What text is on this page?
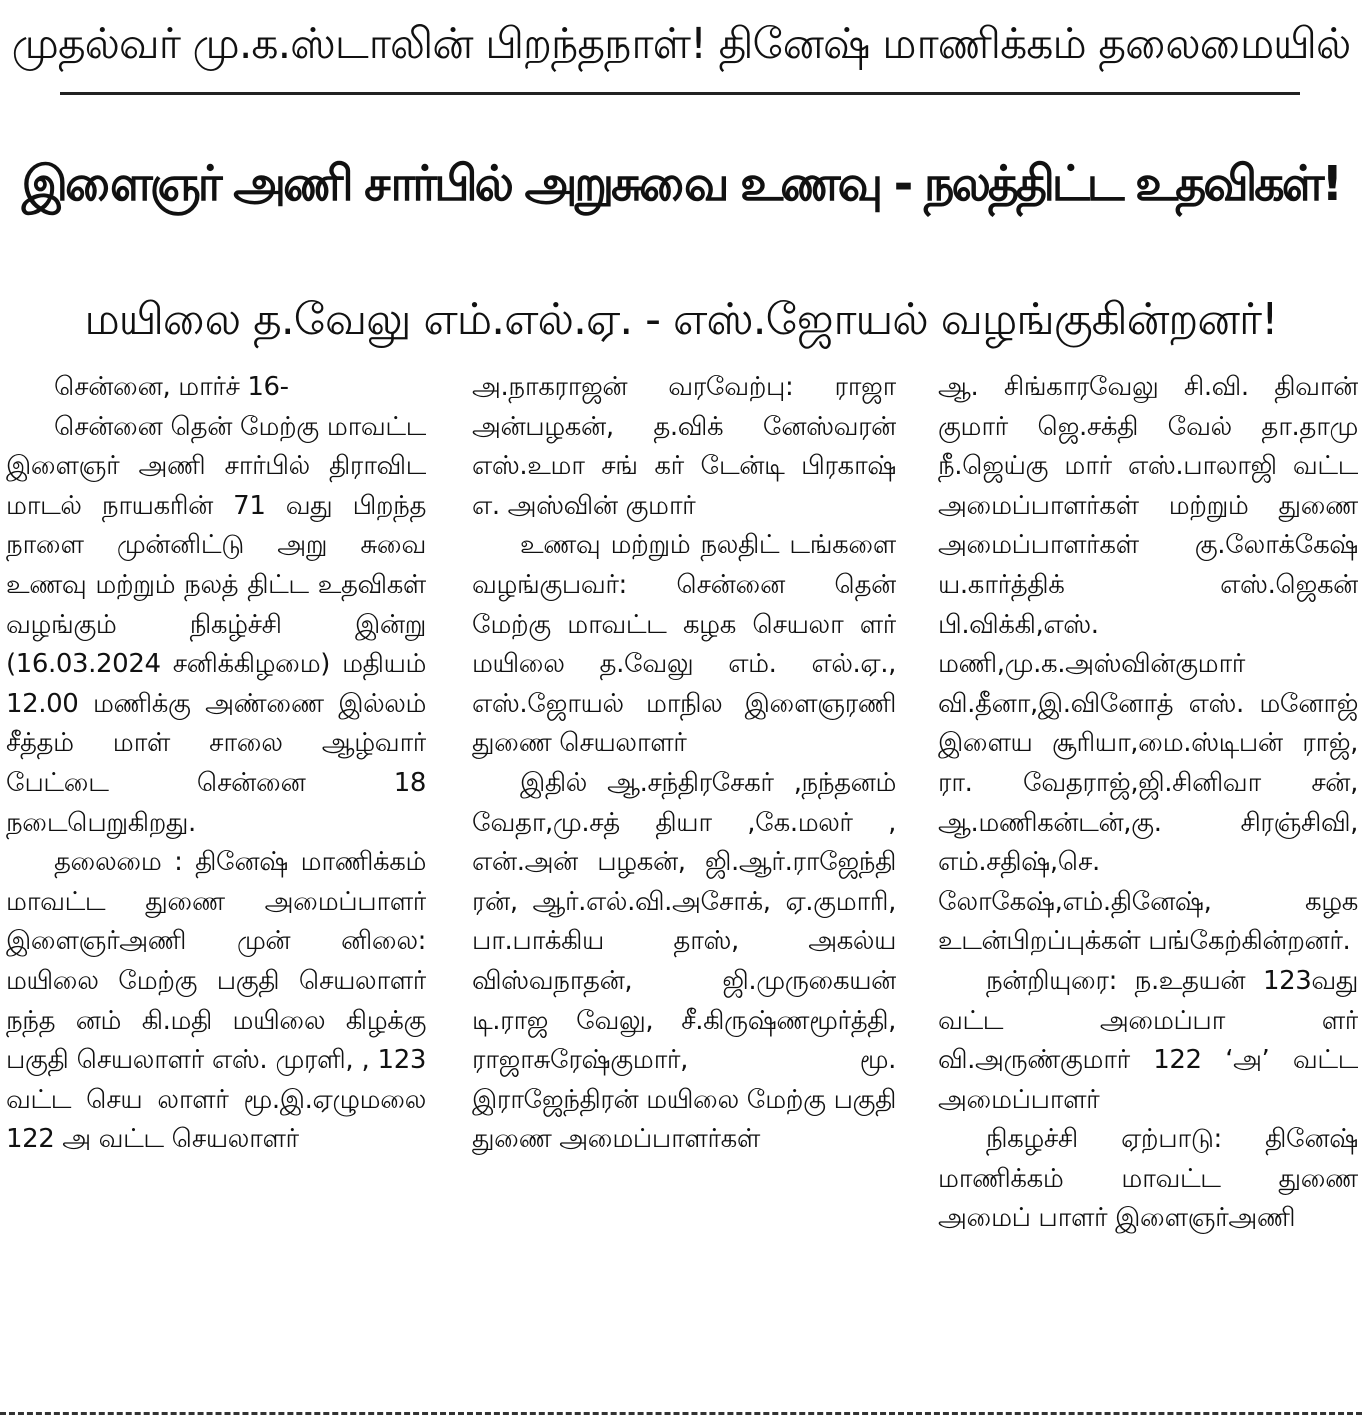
முதல்வர் மு.க.ஸ்டாலின் பிறந்தநாள்! தினேஷ் மாணிக்கம் தலைமையில்
இளைஞர் அணி சார்பில் அறுசுவை உணவு - நலத்திட்ட உதவிகள்!
மயிலை த.வேலு எம்.எல்.ஏ. - எஸ்.ஜோயல் வழங்குகின்றனர்!

சென்னை, மார்ச் 16-

சென்னை தென் மேற்கு மாவட்ட இளைஞர் அணி சார்பில் திராவிட மாடல் நாயகரின் 71 வது பிறந்த நாளை முன்னிட்டு அறு சுவை உணவு மற்றும் நலத் திட்ட உதவிகள் வழங்கும் நிகழ்ச்சி இன்று (16.03.2024 சனிக்கிழமை) மதியம் 12.00 மணிக்கு அண்ணை இல்லம் சீத்தம் மாள் சாலை ஆழ்வார் பேட்டை சென்னை 18 நடைபெறுகிறது.

தலைமை : தினேஷ் மாணிக்கம் மாவட்ட துணை அமைப்பாளர் இளைஞர்அணி முன் னிலை: மயிலை மேற்கு பகுதி செயலாளர் நந்த னம் கி.மதி மயிலை கிழக்கு பகுதி செயலாளர் எஸ். முரளி, , 123 வட்ட செய லாளர் மூ.இ.ஏழுமலை 122 அ வட்ட செயலாளர்

அ.நாகராஜன் வரவேற்பு: ராஜா அன்பழகன், த.விக் னேஸ்வரன் எஸ்.உமா சங் கர் டேன்டி பிரகாஷ் எ. அஸ்வின் குமார்

உணவு மற்றும் நலதிட் டங்களை வழங்குபவர்: சென்னை தென் மேற்கு மாவட்ட கழக செயலா ளர் மயிலை த.வேலு எம். எல்.ஏ., எஸ்.ஜோயல் மாநில இளைஞரணி துணை செயலாளர்

இதில் ஆ.சந்திரசேகர் ,நந்தனம் வேதா,மு.சத் தியா ,கே.மலர் , என்.அன் பழகன், ஜி.ஆர்.ராஜேந்தி ரன், ஆர்.எல்.வி.அசோக், ஏ.குமாரி, பா.பாக்கிய தாஸ், அகல்ய விஸ்வநாதன், ஜி.முருகையன் டி.ராஜ வேலு, சீ.கிருஷ்ணமூர்த்தி, ராஜாசுரேஷ்குமார், மூ. இராஜேந்திரன் மயிலை மேற்கு பகுதி துணை அமைப்பாளர்கள்

ஆ. சிங்காரவேலு சி.வி. திவான் குமார் ஜெ.சக்தி வேல் தா.தாமு நீ.ஜெய்கு மார் எஸ்.பாலாஜி வட்ட அமைப்பாளர்கள் மற்றும் துணை அமைப்பாளர்கள் கு.லோக்கேஷ் ய.கார்த்திக் எஸ்.ஜெகன் பி.விக்கி,எஸ். மணி,மு.க.அஸ்வின்குமார் வி.தீனா,இ.வினோத் எஸ். மனோஜ் இளைய சூரியா,மை.ஸ்டிபன் ராஜ், ரா. வேதராஜ்,ஜி.சினிவா சன், ஆ.மணிகன்டன்,கு. சிரஞ்சிவி, எம்.சதிஷ்,செ. லோகேஷ்,எம்.தினேஷ், கழக உடன்பிறப்புக்கள் பங்கேற்கின்றனர்.

நன்றியுரை: ந.உதயன் 123வது வட்ட அமைப்பா ளர் வி.அருண்குமார் 122 ‘அ’ வட்ட அமைப்பாளர்

நிகழச்சி ஏற்பாடு: தினேஷ் மாணிக்கம் மாவட்ட துணை அமைப் பாளர் இளைஞர்அணி
